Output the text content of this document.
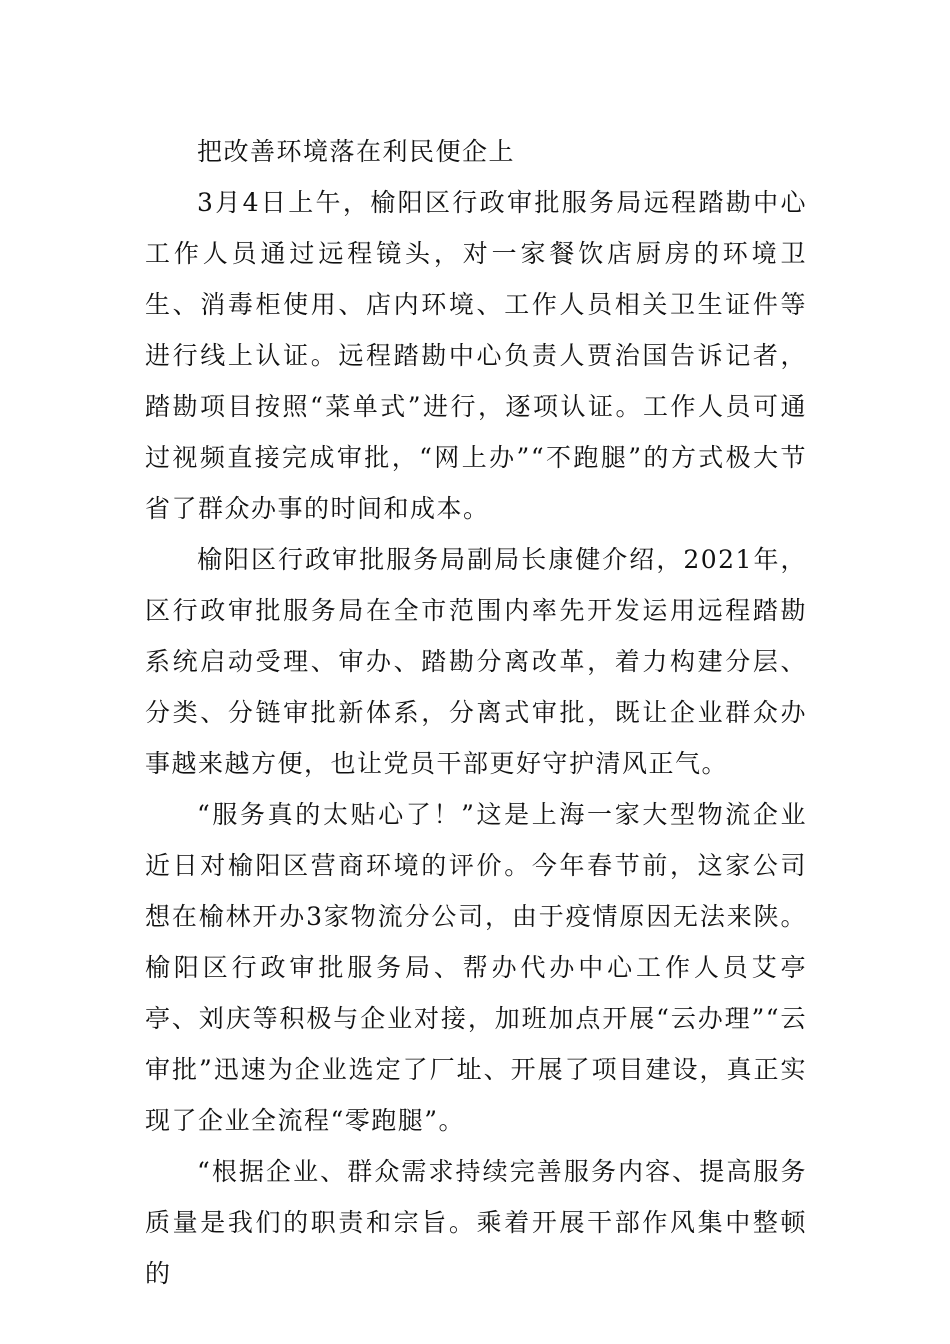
把改善环境落在利民便企上

3月4日上午，榆阳区行政审批服务局远程踏勘中心工作人员通过远程镜头，对一家餐饮店厨房的环境卫生、消毒柜使用、店内环境、工作人员相关卫生证件等进行线上认证。远程踏勘中心负责人贾治国告诉记者，踏勘项目按照“菜单式”进行，逐项认证。工作人员可通过视频直接完成审批，“网上办”“不跑腿”的方式极大节省了群众办事的时间和成本。

榆阳区行政审批服务局副局长康健介绍，2021年，区行政审批服务局在全市范围内率先开发运用远程踏勘系统启动受理、审办、踏勘分离改革，着力构建分层、分类、分链审批新体系，分离式审批，既让企业群众办事越来越方便，也让党员干部更好守护清风正气。

“服务真的太贴心了！”这是上海一家大型物流企业近日对榆阳区营商环境的评价。今年春节前，这家公司想在榆林开办3家物流分公司，由于疫情原因无法来陕。榆阳区行政审批服务局、帮办代办中心工作人员艾亭亭、刘庆等积极与企业对接，加班加点开展“云办理”“云审批”迅速为企业选定了厂址、开展了项目建设，真正实现了企业全流程“零跑腿”。

“根据企业、群众需求持续完善服务内容、提高服务质量是我们的职责和宗旨。乘着开展干部作风集中整顿的
